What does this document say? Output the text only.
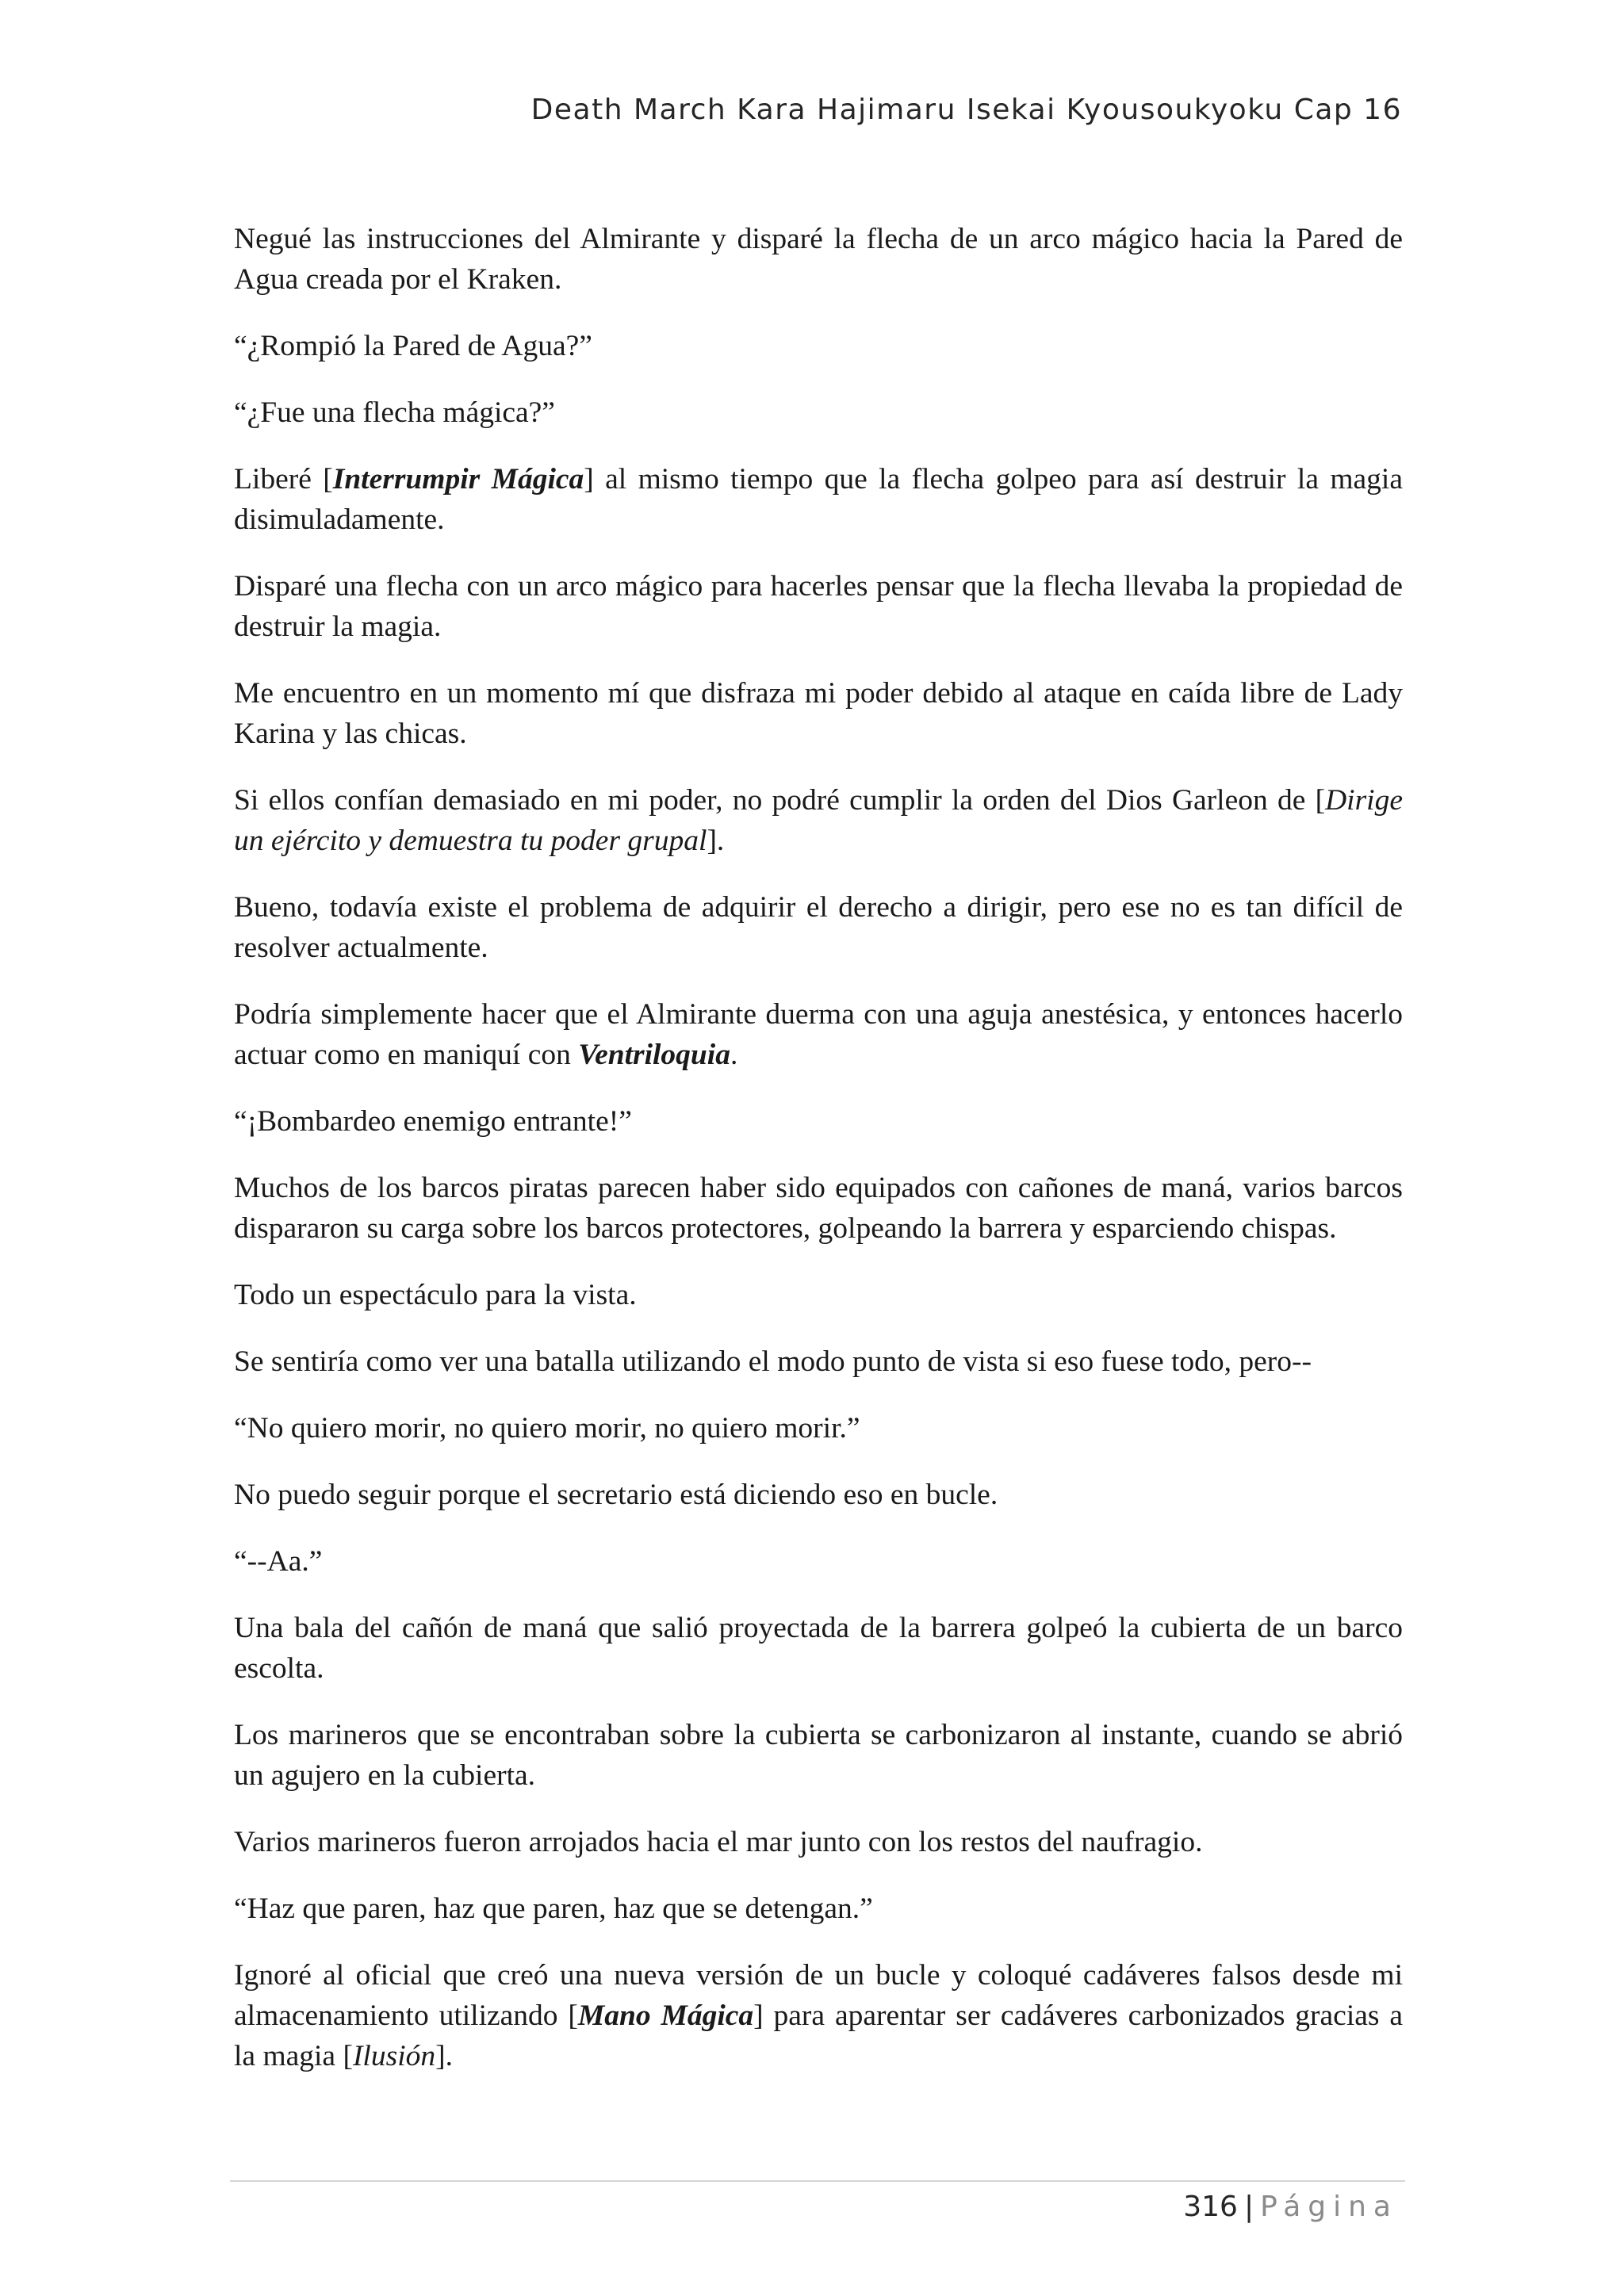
Death March Kara Hajimaru Isekai Kyousoukyoku Cap 16

Negué las instrucciones del Almirante y disparé la flecha de un arco mágico hacia la Pared de Agua creada por el Kraken.

“¿Rompió la Pared de Agua?”

“¿Fue una flecha mágica?”

Liberé [Interrumpir Mágica] al mismo tiempo que la flecha golpeo para así destruir la magia disimuladamente.

Disparé una flecha con un arco mágico para hacerles pensar que la flecha llevaba la propiedad de destruir la magia.

Me encuentro en un momento mí que disfraza mi poder debido al ataque en caída libre de Lady Karina y las chicas.

Si ellos confían demasiado en mi poder, no podré cumplir la orden del Dios Garleon de [Dirige un ejército y demuestra tu poder grupal].

Bueno, todavía existe el problema de adquirir el derecho a dirigir, pero ese no es tan difícil de resolver actualmente.

Podría simplemente hacer que el Almirante duerma con una aguja anestésica, y entonces hacerlo actuar como en maniquí con Ventriloquia.

“¡Bombardeo enemigo entrante!”

Muchos de los barcos piratas parecen haber sido equipados con cañones de maná, varios barcos dispararon su carga sobre los barcos protectores, golpeando la barrera y esparciendo chispas.

Todo un espectáculo para la vista.

Se sentiría como ver una batalla utilizando el modo punto de vista si eso fuese todo, pero--

“No quiero morir, no quiero morir, no quiero morir.”

No puedo seguir porque el secretario está diciendo eso en bucle.

“--Aa.”

Una bala del cañón de maná que salió proyectada de la barrera golpeó la cubierta de un barco escolta.

Los marineros que se encontraban sobre la cubierta se carbonizaron al instante, cuando se abrió un agujero en la cubierta.

Varios marineros fueron arrojados hacia el mar junto con los restos del naufragio.

“Haz que paren, haz que paren, haz que se detengan.”

Ignoré al oficial que creó una nueva versión de un bucle y coloqué cadáveres falsos desde mi almacenamiento utilizando [Mano Mágica] para aparentar ser cadáveres carbonizados gracias a la magia [Ilusión].

316 | Página
